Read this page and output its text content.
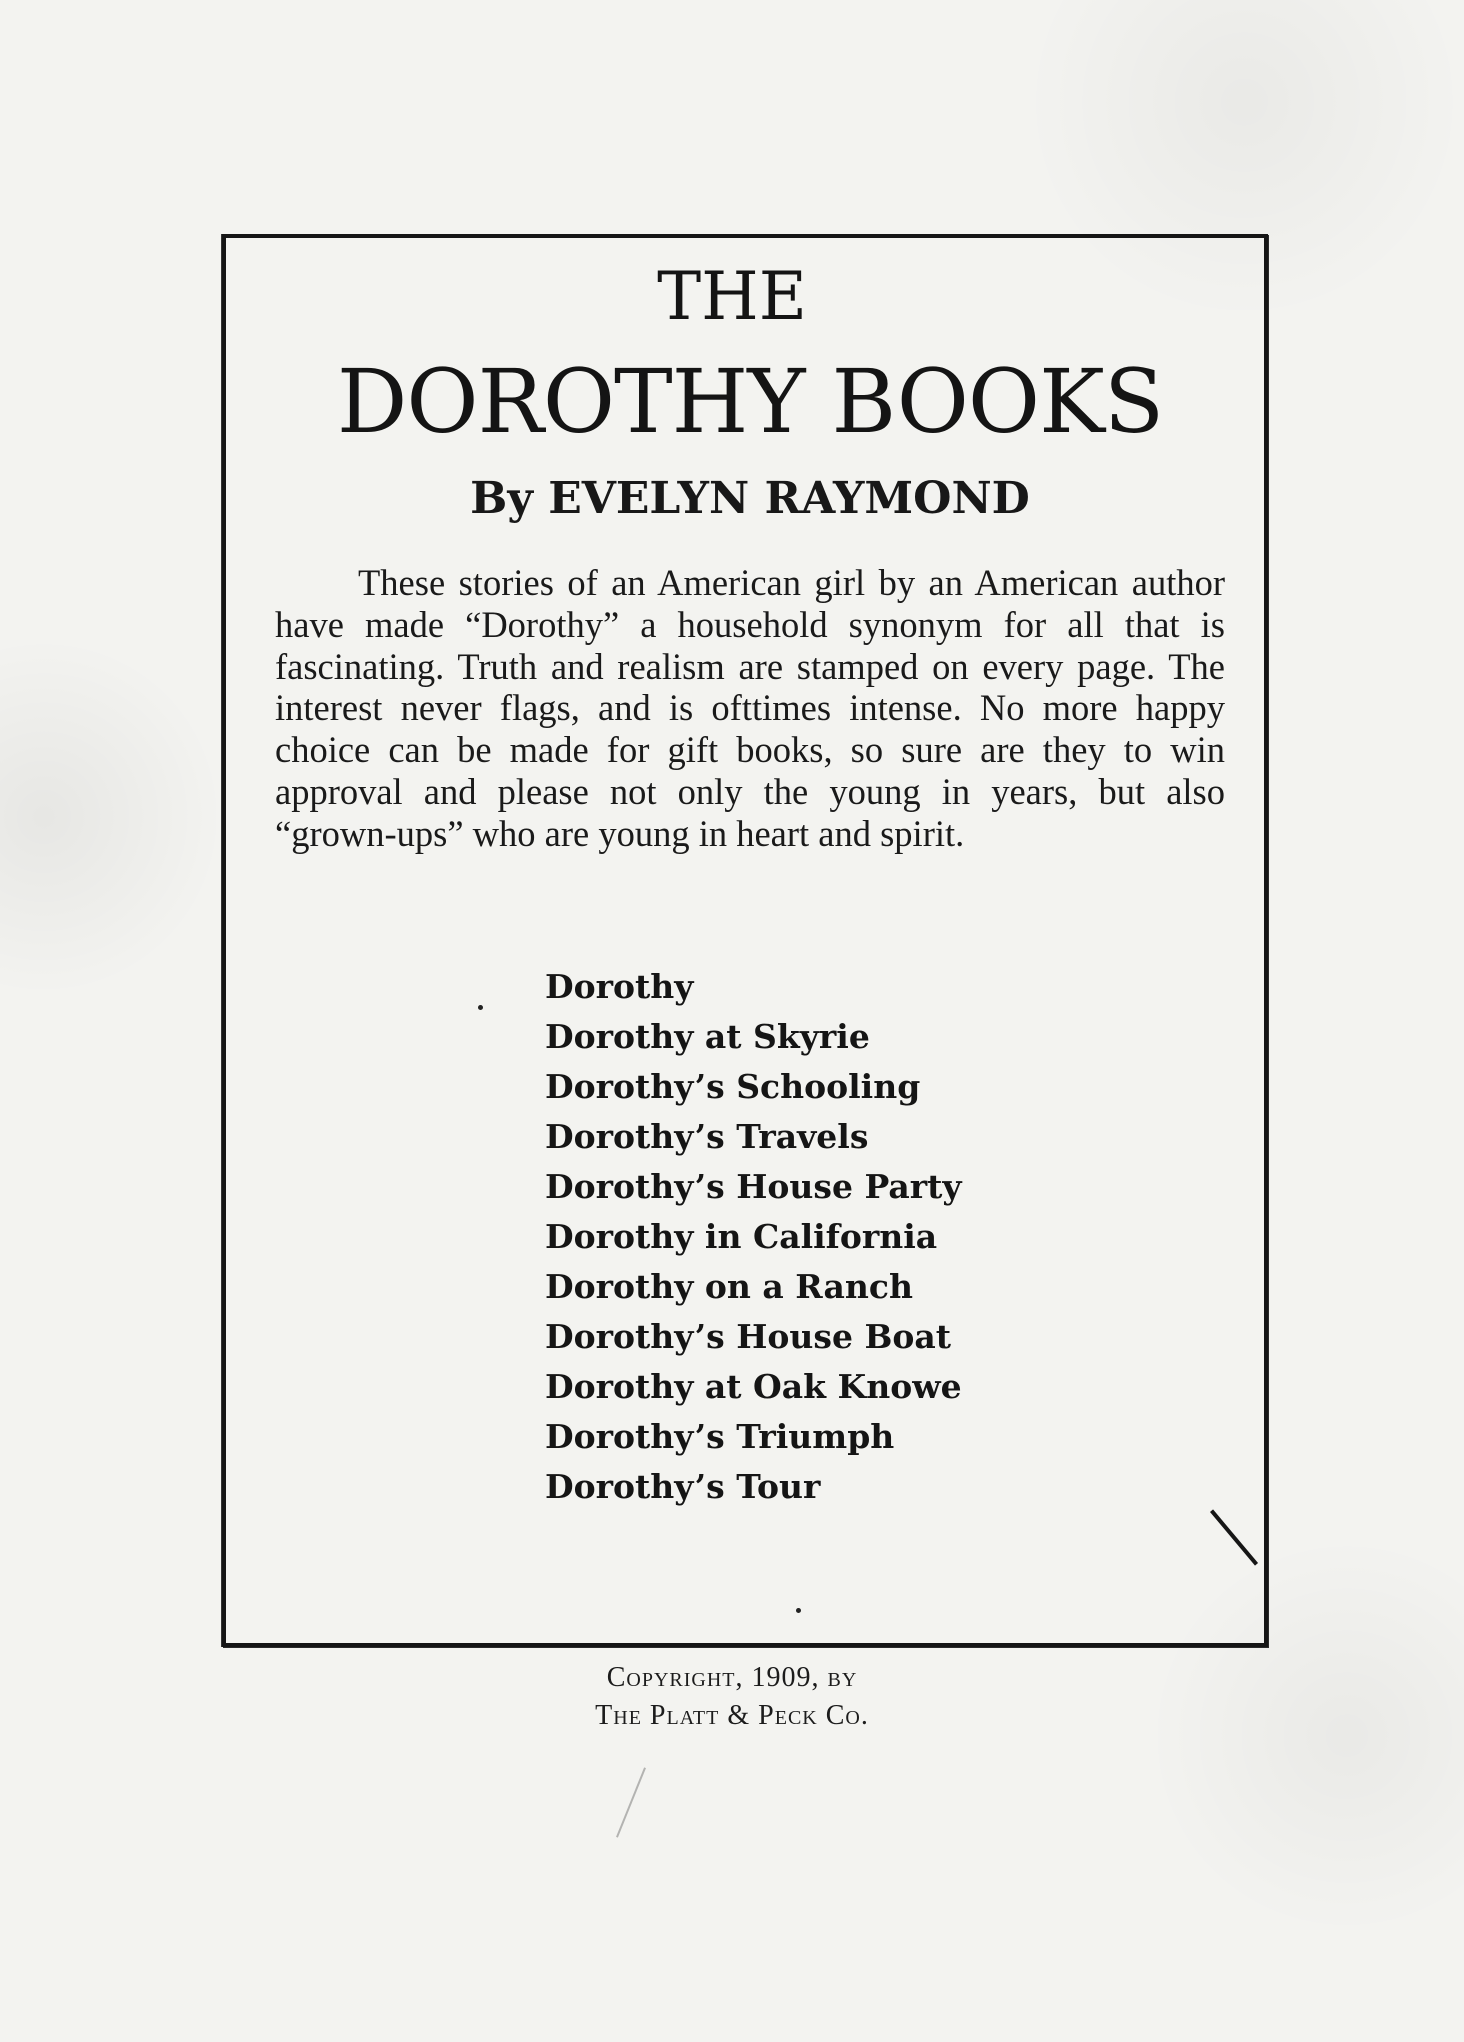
THE
DOROTHY BOOKS
By EVELYN RAYMOND

These stories of an American girl by an American author have made “Dorothy” a household synonym for all that is fascinating. Truth and realism are stamped on every page. The interest never flags, and is ofttimes intense. No more happy choice can be made for gift books, so sure are they to win approval and please not only the young in years, but also “grown-ups” who are young in heart and spirit.

Dorothy
Dorothy at Skyrie
Dorothy’s Schooling
Dorothy’s Travels
Dorothy’s House Party
Dorothy in California
Dorothy on a Ranch
Dorothy’s House Boat
Dorothy at Oak Knowe
Dorothy’s Triumph
Dorothy’s Tour

Copyright, 1909, by

The Platt & Peck Co.
